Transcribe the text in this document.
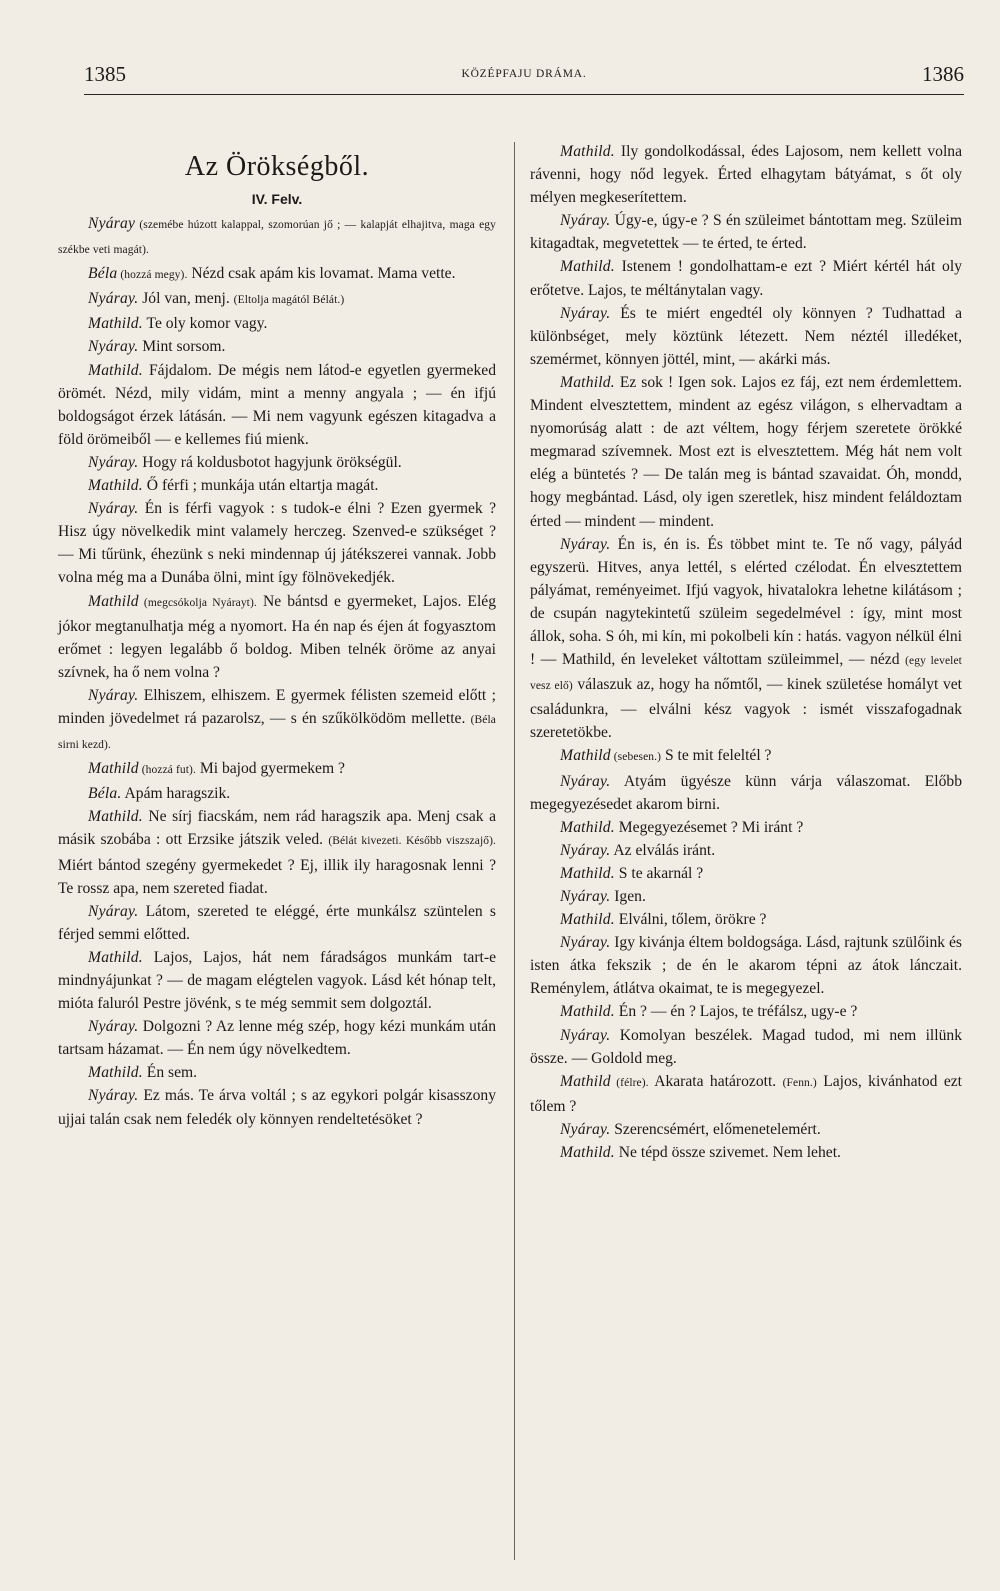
1385	KÖZÉPFAJU DRÁMA.	1386
Az Örökségből.
IV. Felv.

Nyáray (szemébe húzott kalappal, szomorúan jő ; — kalapját elhajitva, maga egy székbe veti magát).

Béla (hozzá megy). Nézd csak apám kis lovamat. Mama vette.

Nyáray. Jól van, menj. (Eltolja magától Bélát.)

Mathild. Te oly komor vagy.

Nyáray. Mint sorsom.

Mathild. Fájdalom. De mégis nem látod-e egyetlen gyermeked örömét. Nézd, mily vidám, mint a menny angyala ; — én ifjú boldogságot érzek látásán. — Mi nem vagyunk egészen kitagadva a föld örömeiből — e kellemes fiú mienk.

Nyáray. Hogy rá koldusbotot hagyjunk örökségül.

Mathild. Ő férfi ; munkája után eltartja magát.

Nyáray. Én is férfi vagyok : s tudok-e élni ? Ezen gyermek ? Hisz úgy növelkedik mint valamely herczeg. Szenved-e szükséget ? — Mi tűrünk, éhezünk s neki mindennap új játékszerei vannak. Jobb volna még ma a Dunába ölni, mint így fölnövekedjék.

Mathild (megcsókolja Nyárayt). Ne bántsd e gyermeket, Lajos. Elég jókor megtanulhatja még a nyomort. Ha én nap és éjen át fogyasztom erőmet : legyen legalább ő boldog. Miben telnék öröme az anyai szívnek, ha ő nem volna ?

Nyáray. Elhiszem, elhiszem. E gyermek félisten szemeid előtt ; minden jövedelmet rá pazarolsz, — s én szűkölködöm mellette. (Béla sirni kezd).

Mathild (hozzá fut). Mi bajod gyermekem ?

Béla. Apám haragszik.

Mathild. Ne sírj fiacskám, nem rád haragszik apa. Menj csak a másik szobába : ott Erzsike játszik veled. (Bélát kivezeti. Később viszszajő). Miért bántod szegény gyermekedet ? Ej, illik ily haragosnak lenni ? Te rossz apa, nem szereted fiadat.

Nyáray. Látom, szereted te eléggé, érte munkálsz szüntelen s férjed semmi előtted.

Mathild. Lajos, Lajos, hát nem fáradságos munkám tart-e mindnyájunkat ? — de magam elégtelen vagyok. Lásd két hónap telt, mióta faluról Pestre jövénk, s te még semmit sem dolgoztál.

Nyáray. Dolgozni ? Az lenne még szép, hogy kézi munkám után tartsam házamat. — Én nem úgy növelkedtem.

Mathild. Én sem.

Nyáray. Ez más. Te árva voltál ; s az egykori polgár kisasszony ujjai talán csak nem feledék oly könnyen rendeltetésöket ?

Mathild. Ily gondolkodással, édes Lajosom, nem kellett volna rávenni, hogy nőd legyek. Érted elhagytam bátyámat, s őt oly mélyen megkeserítettem.

Nyáray. Úgy-e, úgy-e ? S én szüleimet bántottam meg. Szüleim kitagadtak, megvetettek — te érted, te érted.

Mathild. Istenem ! gondolhattam-e ezt ? Miért kértél hát oly erőtetve. Lajos, te méltánytalan vagy.

Nyáray. És te miért engedtél oly könnyen ? Tudhattad a különbséget, mely köztünk létezett. Nem néztél illedéket, szemérmet, könnyen jöttél, mint, — akárki más.

Mathild. Ez sok ! Igen sok. Lajos ez fáj, ezt nem érdemlettem. Mindent elvesztettem, mindent az egész világon, s elhervadtam a nyomorúság alatt : de azt véltem, hogy férjem szeretete örökké megmarad szívemnek. Most ezt is elvesztettem. Még hát nem volt elég a büntetés ? — De talán meg is bántad szavaidat. Óh, mondd, hogy megbántad. Lásd, oly igen szeretlek, hisz mindent feláldoztam érted — mindent — mindent.

Nyáray. Én is, én is. És többet mint te. Te nő vagy, pályád egyszerü. Hitves, anya lettél, s elérted czélodat. Én elvesztettem pályámat, reményeimet. Ifjú vagyok, hivatalokra lehetne kilátásom ; de csupán nagytekintetű szüleim segedelmével : így, mint most állok, soha. S óh, mi kín, mi pokolbeli kín : hatás. vagyon nélkül élni ! — Mathild, én leveleket váltottam szüleimmel, — nézd (egy levelet vesz elő) válaszuk az, hogy ha nőmtől, — kinek születése homályt vet családunkra, — elválni kész vagyok : ismét visszafogadnak szeretetökbe.

Mathild (sebesen.) S te mit feleltél ?

Nyáray. Atyám ügyésze künn várja válaszomat. Előbb megegyezésedet akarom birni.

Mathild. Megegyezésemet ? Mi iránt ?

Nyáray. Az elválás iránt.

Mathild. S te akarnál ?

Nyáray. Igen.

Mathild. Elválni, tőlem, örökre ?

Nyáray. Igy kivánja éltem boldogsága. Lásd, rajtunk szülőink és isten átka fekszik ; de én le akarom tépni az átok lánczait. Reménylem, átlátva okaimat, te is megegyezel.

Mathild. Én ? — én ? Lajos, te tréfálsz, ugy-e ?

Nyáray. Komolyan beszélek. Magad tudod, mi nem illünk össze. — Goldold meg.

Mathild (félre). Akarata határozott. (Fenn.) Lajos, kivánhatod ezt tőlem ?

Nyáray. Szerencsémért, előmenetelemért.

Mathild. Ne tépd össze szivemet. Nem lehet.
